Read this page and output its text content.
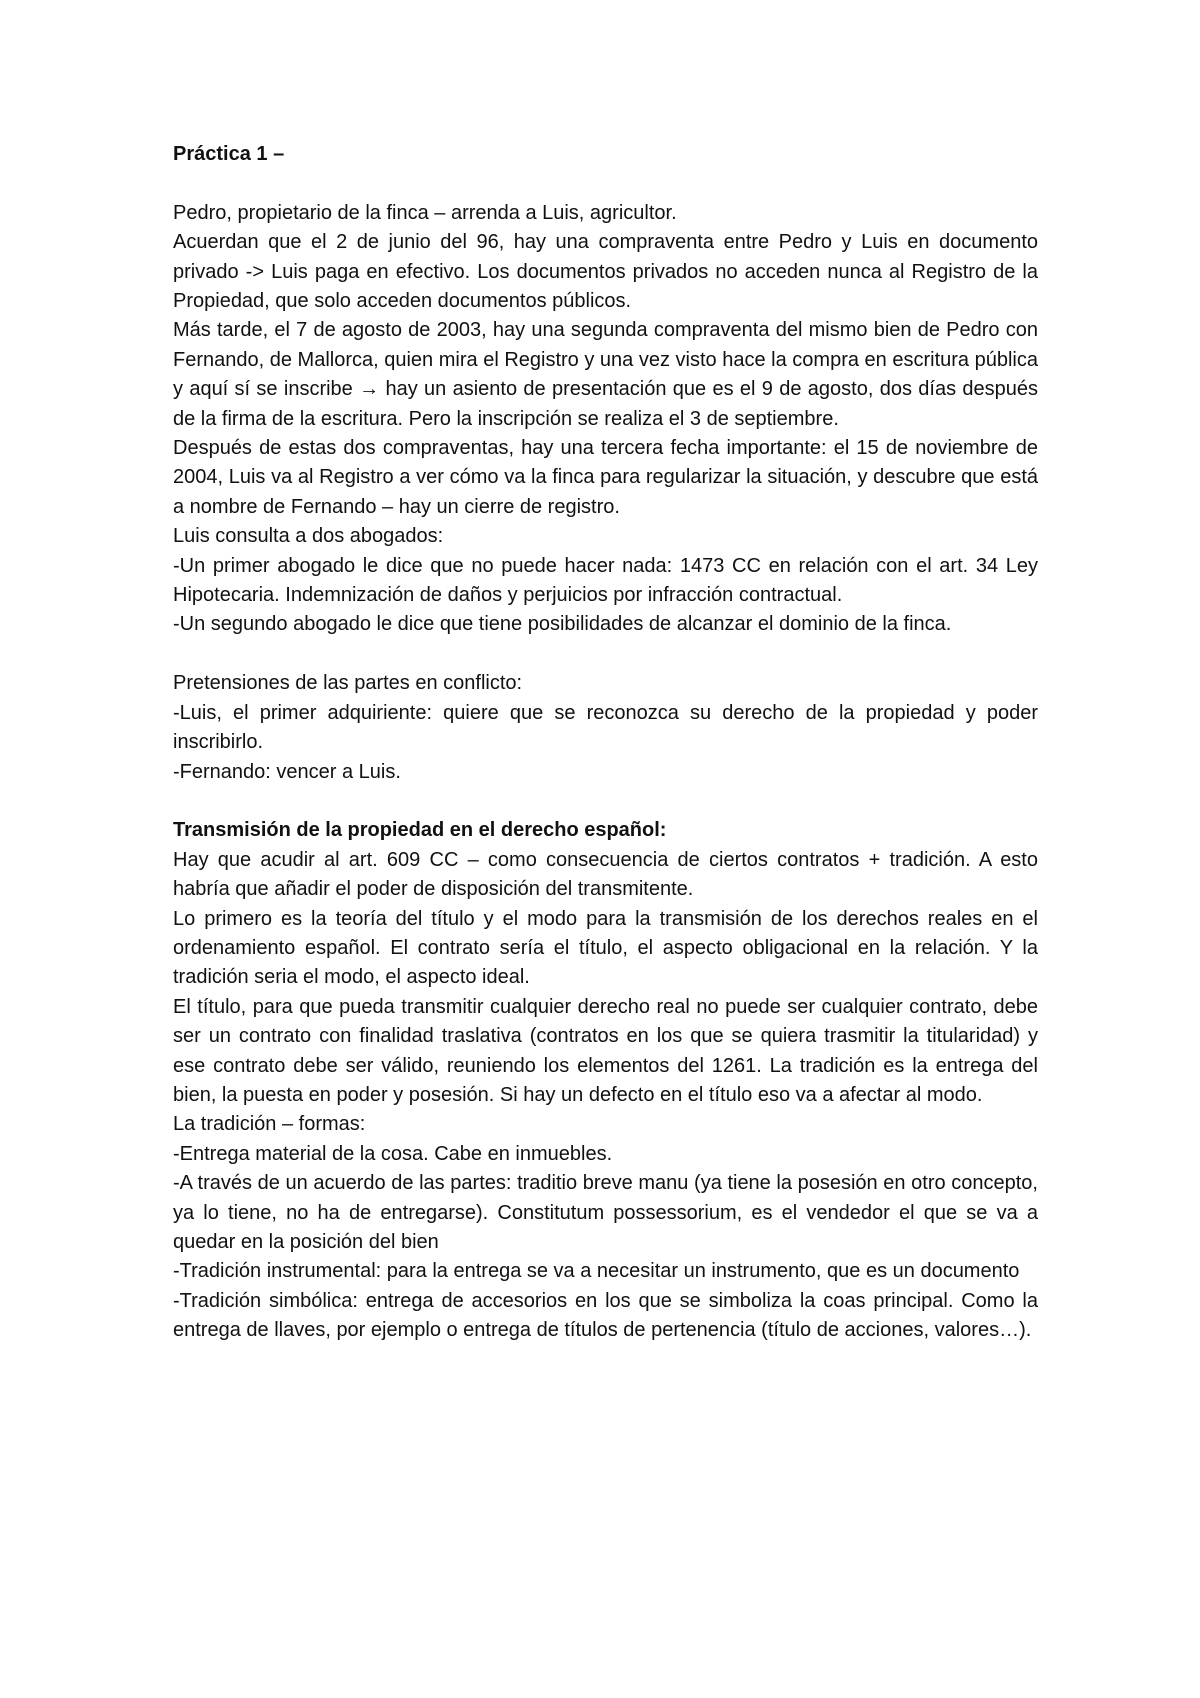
Práctica 1 –

Pedro, propietario de la finca – arrenda a Luis, agricultor.

Acuerdan que el 2 de junio del 96, hay una compraventa entre Pedro y Luis en documento privado -> Luis paga en efectivo. Los documentos privados no acceden nunca al Registro de la Propiedad, que solo acceden documentos públicos.

Más tarde, el 7 de agosto de 2003, hay una segunda compraventa del mismo bien de Pedro con Fernando, de Mallorca, quien mira el Registro y una vez visto hace la compra en escritura pública y aquí sí se inscribe → hay un asiento de presentación que es el 9 de agosto, dos días después de la firma de la escritura. Pero la inscripción se realiza el 3 de septiembre.

Después de estas dos compraventas, hay una tercera fecha importante: el 15 de noviembre de 2004, Luis va al Registro a ver cómo va la finca para regularizar la situación, y descubre que está a nombre de Fernando – hay un cierre de registro.

Luis consulta a dos abogados:

-Un primer abogado le dice que no puede hacer nada: 1473 CC en relación con el art. 34 Ley Hipotecaria. Indemnización de daños y perjuicios por infracción contractual.

-Un segundo abogado le dice que tiene posibilidades de alcanzar el dominio de la finca.

Pretensiones de las partes en conflicto:

-Luis, el primer adquiriente: quiere que se reconozca su derecho de la propiedad y poder inscribirlo.

-Fernando: vencer a Luis.

Transmisión de la propiedad en el derecho español:

Hay que acudir al art. 609 CC – como consecuencia de ciertos contratos + tradición. A esto habría que añadir el poder de disposición del transmitente.

Lo primero es la teoría del título y el modo para la transmisión de los derechos reales en el ordenamiento español. El contrato sería el título, el aspecto obligacional en la relación. Y la tradición seria el modo, el aspecto ideal.

El título, para que pueda transmitir cualquier derecho real no puede ser cualquier contrato, debe ser un contrato con finalidad traslativa (contratos en los que se quiera trasmitir la titularidad) y ese contrato debe ser válido, reuniendo los elementos del 1261. La tradición es la entrega del bien, la puesta en poder y posesión. Si hay un defecto en el título eso va a afectar al modo.

La tradición – formas:

-Entrega material de la cosa. Cabe en inmuebles.

-A través de un acuerdo de las partes: traditio breve manu (ya tiene la posesión en otro concepto, ya lo tiene, no ha de entregarse). Constitutum possessorium, es el vendedor el que se va a quedar en la posición del bien

-Tradición instrumental: para la entrega se va a necesitar un instrumento, que es un documento

-Tradición simbólica: entrega de accesorios en los que se simboliza la coas principal. Como la entrega de llaves, por ejemplo o entrega de títulos de pertenencia (título de acciones, valores…).
